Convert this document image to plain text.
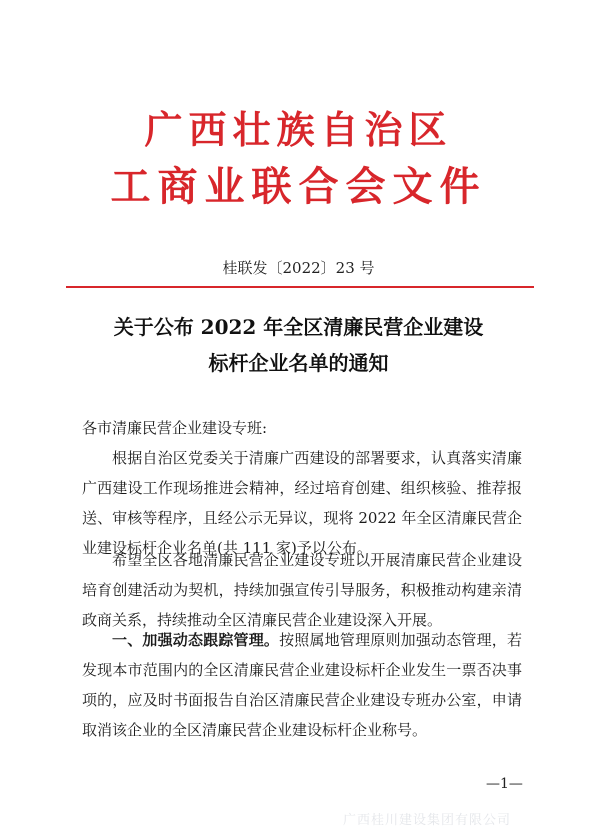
广西壮族自治区
工商业联合会文件
桂联发〔2022〕23 号
关于公布 2022 年全区清廉民营企业建设
标杆企业名单的通知
各市清廉民营企业建设专班:
根据自治区党委关于清廉广西建设的部署要求，认真落实清廉广西建设工作现场推进会精神，经过培育创建、组织核验、推荐报送、审核等程序，且经公示无异议，现将 2022 年全区清廉民营企业建设标杆企业名单(共 111 家)予以公布。
希望全区各地清廉民营企业建设专班以开展清廉民营企业建设培育创建活动为契机，持续加强宣传引导服务，积极推动构建亲清政商关系，持续推动全区清廉民营企业建设深入开展。
一、加强动态跟踪管理。按照属地管理原则加强动态管理，若发现本市范围内的全区清廉民营企业建设标杆企业发生一票否决事项的，应及时书面报告自治区清廉民营企业建设专班办公室，申请取消该企业的全区清廉民营企业建设标杆企业称号。
—1—
广西桂川建设集团有限公司
